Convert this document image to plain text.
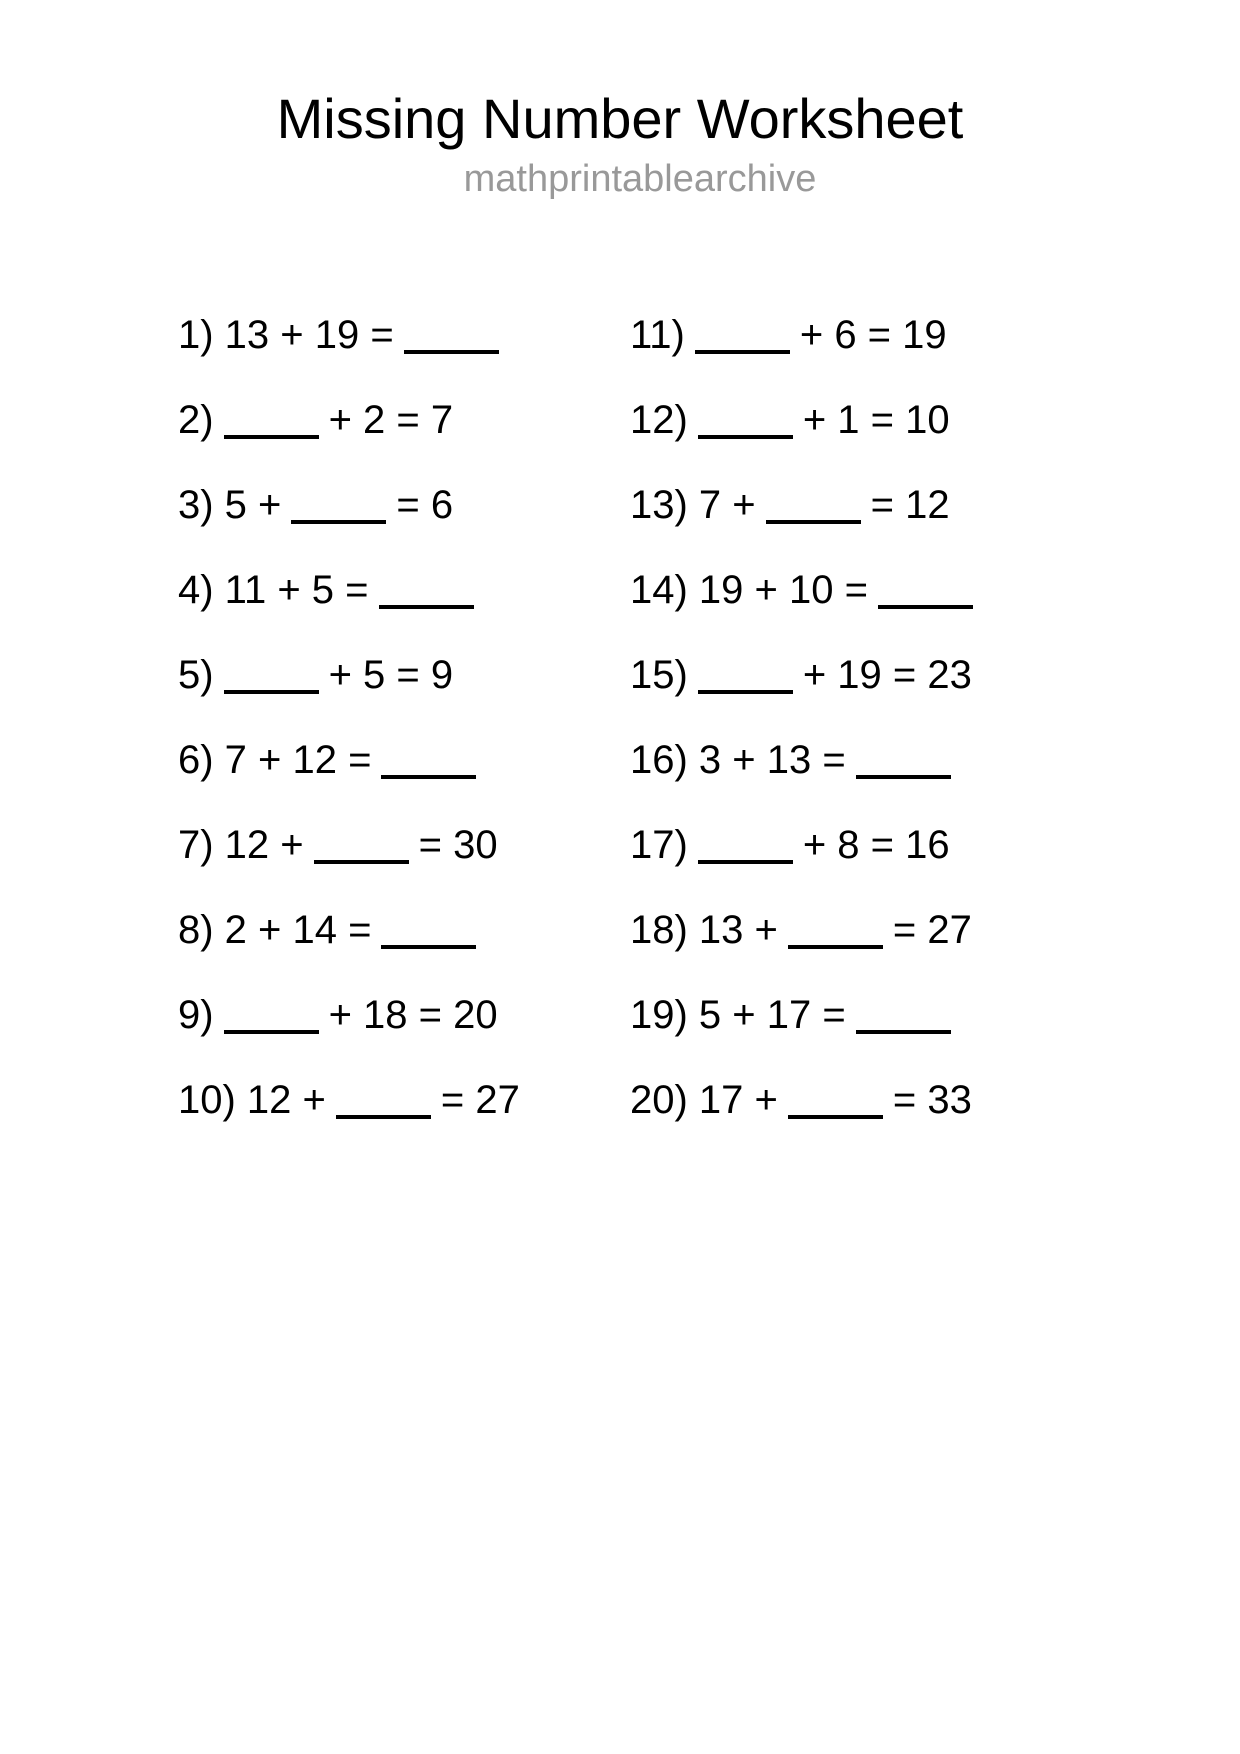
Missing Number Worksheet
mathprintablearchive
1) 13 + 19 =
2)	+ 2 = 7
3) 5 +	= 6
4) 11 + 5 =
5)	+ 5 = 9
6) 7 + 12 =
7) 12 +	= 30
8) 2 + 14 =
9)	+ 18 = 20
10) 12 +	= 27
11)	+ 6 = 19
12)	+ 1 = 10
13) 7 +	= 12
14) 19 + 10 =
15)	+ 19 = 23
16) 3 + 13 =
17)	+ 8 = 16
18) 13 +	= 27
19) 5 + 17 =
20) 17 +	= 33
